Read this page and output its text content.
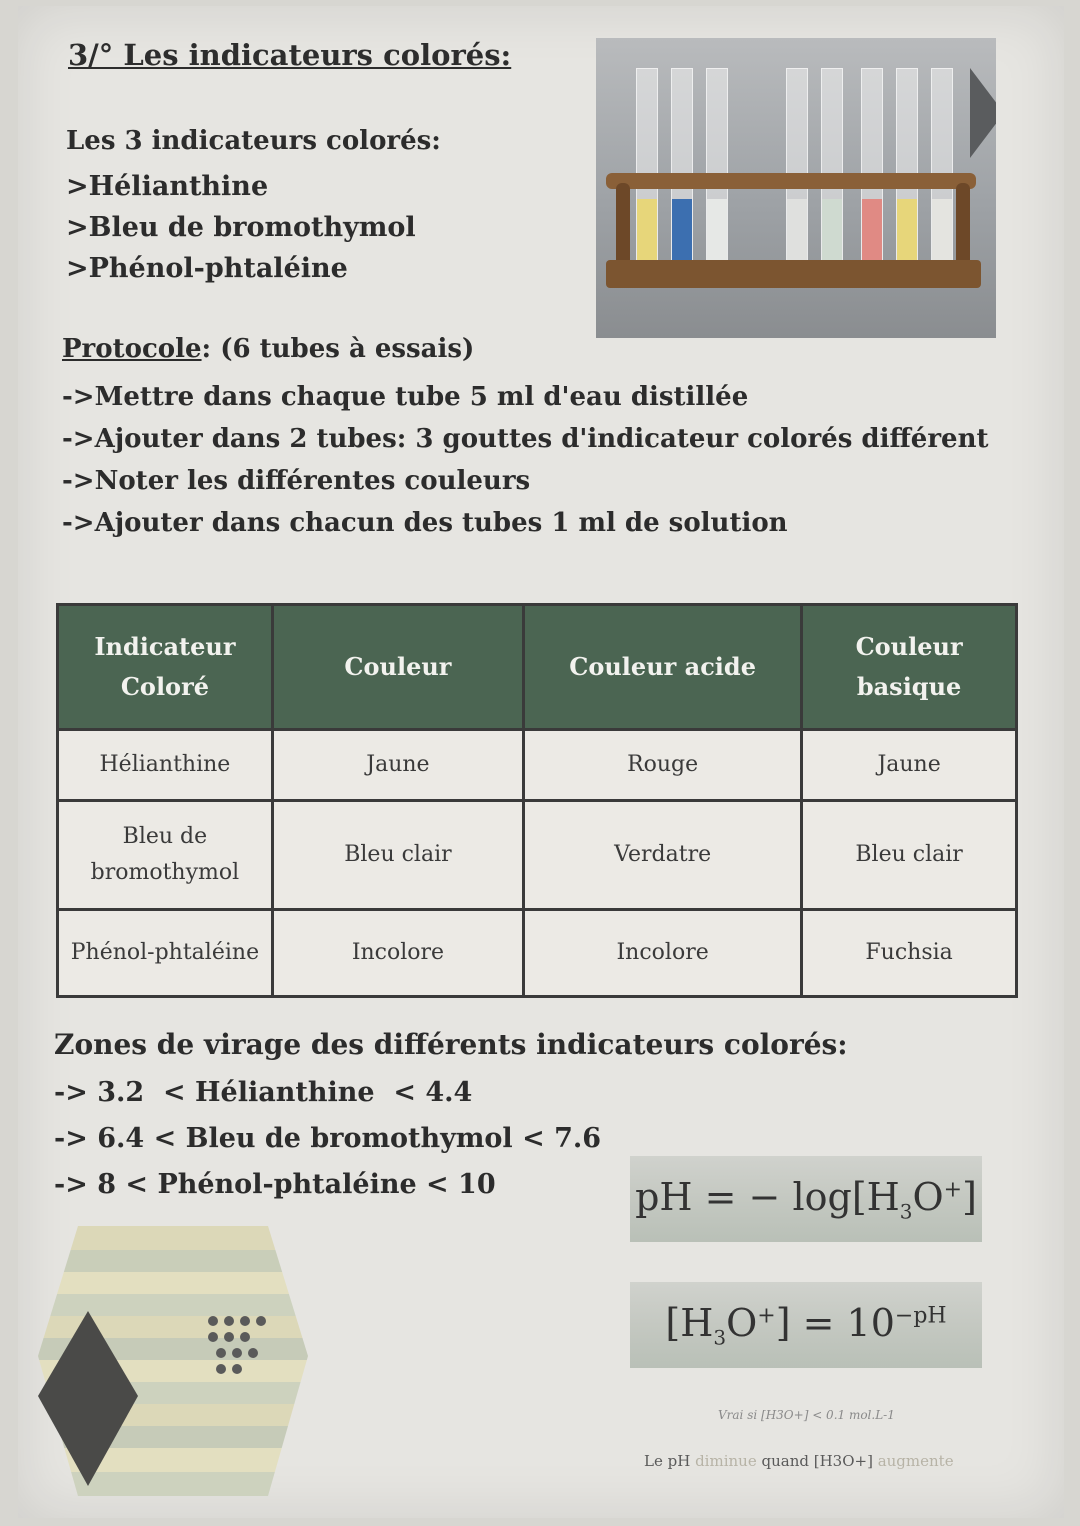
3/° Les indicateurs colorés:
Les 3 indicateurs colorés:
>Hélianthine
>Bleu de bromothymol
>Phénol-phtaléine
Protocole: (6 tubes à essais)
->Mettre dans chaque tube 5 ml d'eau distillée
->Ajouter dans 2 tubes: 3 gouttes d'indicateur colorés différent
->Noter les différentes couleurs
->Ajouter dans chacun des tubes 1 ml de solution
Indicateur Coloré	Couleur	Couleur acide	Couleur basique
Hélianthine	Jaune	Rouge	Jaune
Bleu de bromothymol	Bleu clair	Verdatre	Bleu clair
Phénol-phtaléine	Incolore	Incolore	Fuchsia
Zones de virage des différents indicateurs colorés:
-> 3.2  < Hélianthine  < 4.4
-> 6.4 < Bleu de bromothymol < 7.6
-> 8 < Phénol-phtaléine < 10	pH = − $\log[H_3O^+]$
$[H_3O^+] = 10^{-pH}$
Vrai si [H3O+] < 0.1 mol.L-1
Le pH diminue quand [H3O+] augmente
